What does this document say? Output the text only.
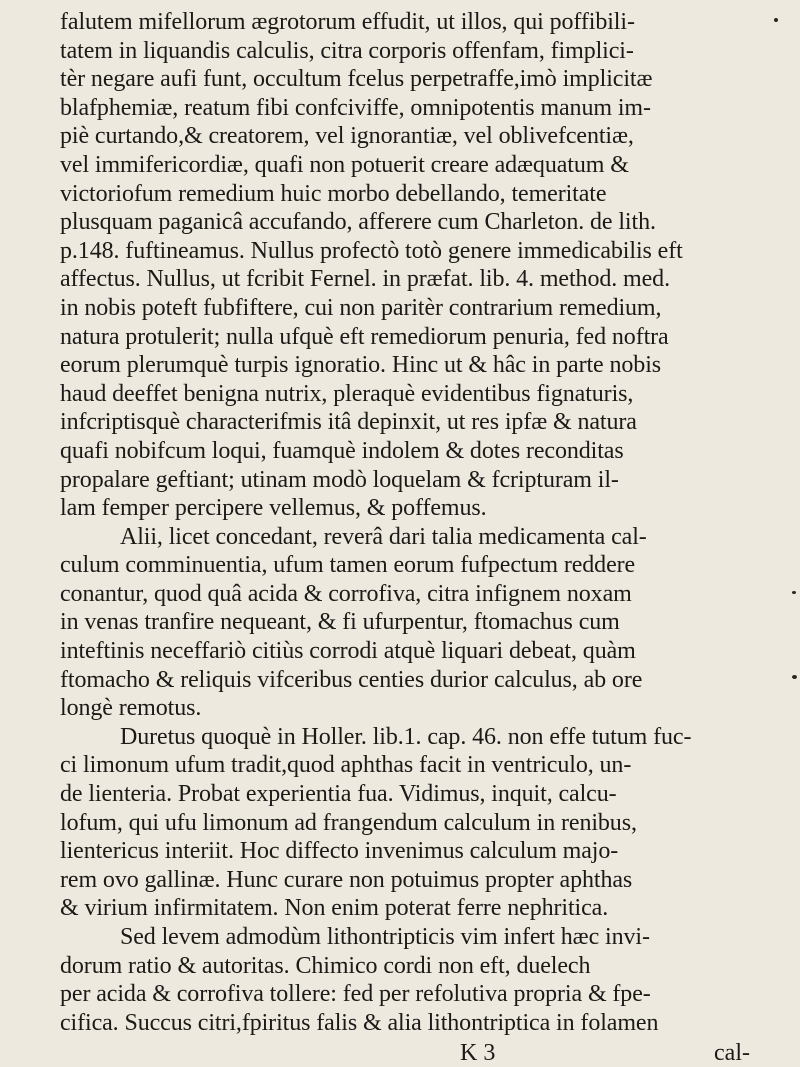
falutem mifellorum ægrotorum effudit, ut illos, qui poffibili-
tatem in liquandis calculis, citra corporis offenfam, fimplici-
tèr negare aufi funt, occultum fcelus perpetraffe,imò implicitæ
blafphemiæ, reatum fibi confciviffe, omnipotentis manum im-
piè curtando,& creatorem, vel ignorantiæ, vel oblivefcentiæ,
vel immifericordiæ, quafi non potuerit creare adæquatum &
victoriofum remedium huic morbo debellando, temeritate
plusquam paganicâ accufando, afferere cum Charleton. de lith.
p.148. fuftineamus. Nullus profectò totò genere immedicabilis eft
affectus. Nullus, ut fcribit Fernel. in præfat. lib. 4. method. med.
in nobis poteft fubfiftere, cui non paritèr contrarium remedium,
natura protulerit; nulla ufquè eft remediorum penuria, fed noftra
eorum plerumquè turpis ignoratio. Hinc ut & hâc in parte nobis
haud deeffet benigna nutrix, pleraquè evidentibus fignaturis,
infcriptisquè characterifmis itâ depinxit, ut res ipfæ & natura
quafi nobifcum loqui, fuamquè indolem & dotes reconditas
propalare geftiant; utinam modò loquelam & fcripturam il-
lam femper percipere vellemus, & poffemus.
Alii, licet concedant, reverâ dari talia medicamenta cal-
culum comminuentia, ufum tamen eorum fufpectum reddere
conantur, quod quâ acida & corrofiva, citra infignem noxam
in venas tranfire nequeant, & fi ufurpentur, ftomachus cum
inteftinis neceffariò citiùs corrodi atquè liquari debeat, quàm
ftomacho & reliquis vifceribus centies durior calculus, ab ore
longè remotus.
Duretus quoquè in Holler. lib.1. cap. 46. non effe tutum fuc-
ci limonum ufum tradit,quod aphthas facit in ventriculo, un-
de lienteria. Probat experientia fua. Vidimus, inquit, calcu-
lofum, qui ufu limonum ad frangendum calculum in renibus,
lientericus interiit. Hoc diffecto invenimus calculum majo-
rem ovo gallinæ. Hunc curare non potuimus propter aphthas
& virium infirmitatem. Non enim poterat ferre nephritica.
Sed levem admodùm lithontripticis vim infert hæc invi-
dorum ratio & autoritas. Chimico cordi non eft, duelech
per acida & corrofiva tollere: fed per refolutiva propria & fpe-
cifica. Succus citri,fpiritus falis & alia lithontriptica in folamen
K 3	cal-
